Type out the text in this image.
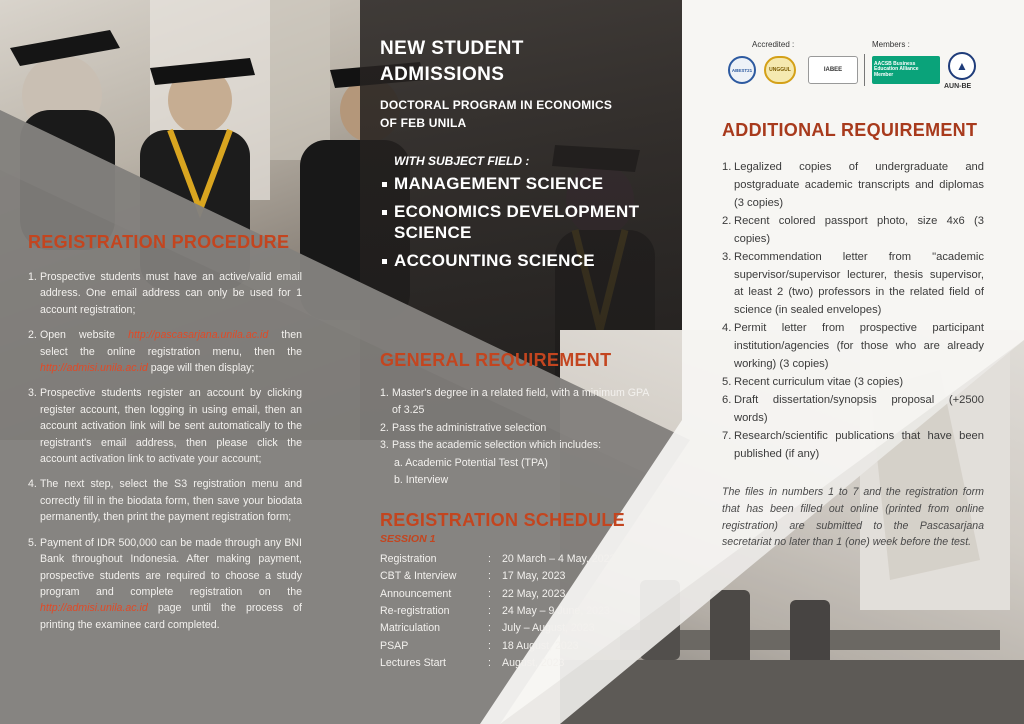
NEW STUDENT
ADMISSIONS
DOCTORAL PROGRAM IN ECONOMICS
OF FEB UNILA
WITH SUBJECT FIELD :
MANAGEMENT SCIENCE
ECONOMICS DEVELOPMENT SCIENCE
ACCOUNTING SCIENCE
REGISTRATION PROCEDURE
1. Prospective students must have an active/valid email address. One email address can only be used for 1 account registration;
2. Open website http://pascasarjana.unila.ac.id then select the online registration menu, then the http://admisi.unila.ac.id page will then display;
3. Prospective students register an account by clicking register account, then logging in using email, then an account activation link will be sent automatically to the registrant's email address, then please click the account activation link to activate your account;
4. The next step, select the S3 registration menu and correctly fill in the biodata form, then save your biodata permanently, then print the payment registration form;
5. Payment of IDR 500,000 can be made through any BNI Bank throughout Indonesia. After making payment, prospective students are required to choose a study program and complete registration on the http://admisi.unila.ac.id page until the process of printing the examinee card completed.
GENERAL REQUIREMENT
1. Master's degree in a related field, with a minimum GPA of 3.25
2. Pass the administrative selection
3. Pass the academic selection which includes:
a. Academic Potential Test (TPA)
b. Interview
REGISTRATION SCHEDULE
SESSION 1
Registration	:	20 March – 4 May, 2023
CBT & Interview	:	17 May, 2023
Announcement	:	22 May, 2023
Re-registration	:	24 May – 9 June, 2023
Matriculation	:	July – August, 2023
PSAP	:	18 August, 2023
Lectures Start	:	August, 2023
Accredited :	Members :
ABEST21	UNGGUL	IABEE
AACSB Business Education Alliance Member
▲
AUN-BE
ADDITIONAL REQUIREMENT
1. Legalized copies of undergraduate and postgraduate academic transcripts and diplomas (3 copies)
2. Recent colored passport photo, size 4x6 (3 copies)
3. Recommendation letter from "academic supervisor/supervisor lecturer, thesis supervisor, at least 2 (two) professors in the related field of science (in sealed envelopes)
4. Permit letter from prospective participant institution/agencies (for those who are already working) (3 copies)
5. Recent curriculum vitae (3 copies)
6. Draft dissertation/synopsis proposal (+2500 words)
7. Research/scientific publications that have been published (if any)
The files in numbers 1 to 7 and the registration form that has been filled out online (printed from online registration) are submitted to the Pascasarjana secretariat no later than 1 (one) week before the test.
